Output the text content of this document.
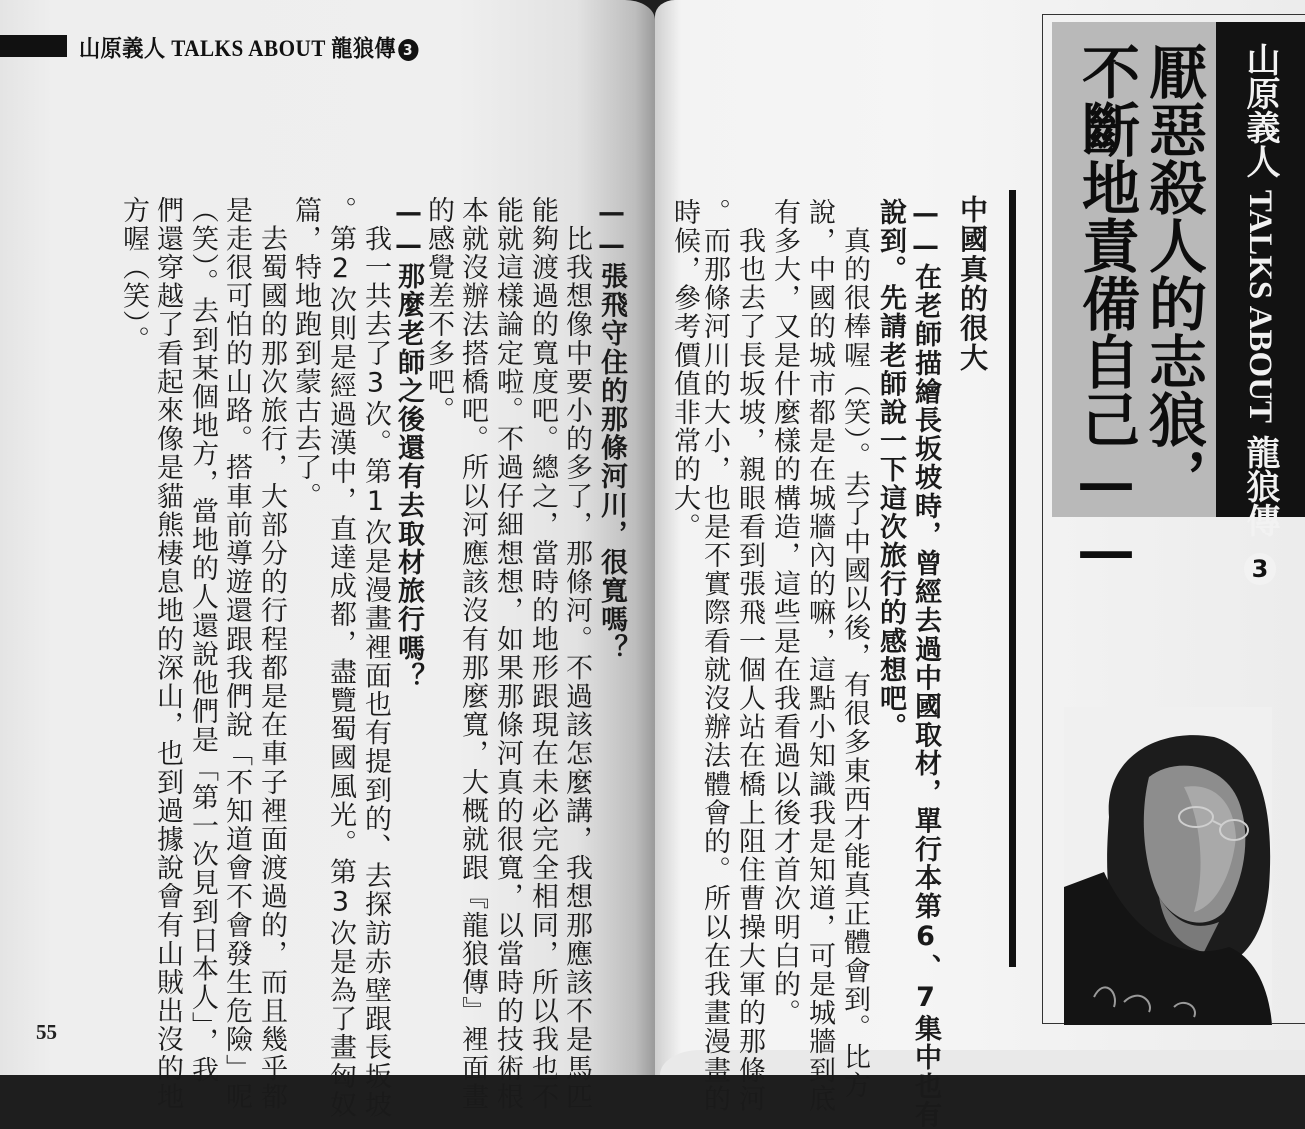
山原義人 TALKS ABOUT 龍狼傳 3
——張飛守住的那條河川，很寬嗎？
　比我想像中要小的多了，那條河。不過該怎麼講，我想那應該不是馬匹
能夠渡過的寬度吧。總之，當時的地形跟現在未必完全相同，所以我也不
能就這樣論定啦。不過仔細想想，如果那條河真的很寬，以當時的技術根
本就沒辦法搭橋吧。所以河應該沒有那麼寬，大概就跟『龍狼傳』裡面畫
的感覺差不多吧。
——那麼老師之後還有去取材旅行嗎？
　我一共去了3次。第1次是漫畫裡面也有提到的、去探訪赤壁跟長坂坡
。第2次則是經過漢中，直達成都，盡覽蜀國風光。第3次是為了畫匈奴
篇，特地跑到蒙古去了。
　去蜀國的那次旅行，大部分的行程都是在車子裡面渡過的，而且幾乎都
是走很可怕的山路。搭車前導遊還跟我們說「不知道會不會發生危險」呢
（笑）。去到某個地方，當地的人還說他們是「第一次見到日本人」，我
們還穿越了看起來像是貓熊棲息地的深山，也到過據說會有山賊出沒的地
方喔（笑）。
55
厭惡殺人的志狼，
不斷地責備自己——	山原義人 TALKS ABOUT 龍狼傳 3
中國真的很大
——在老師描繪長坂坡時，曾經去過中國取材，單行本第6、7集中也有
說到。先請老師說一下這次旅行的感想吧。
　真的很棒喔（笑）。去了中國以後，有很多東西才能真正體會到。比方
說，中國的城市都是在城牆內的嘛，這點小知識我是知道，可是城牆到底
有多大，又是什麼樣的構造，這些是在我看過以後才首次明白的。
　我也去了長坂坡，親眼看到張飛一個人站在橋上阻住曹操大軍的那條河
。而那條河川的大小，也是不實際看就沒辦法體會的。所以在我畫漫畫的
時候，參考價值非常的大。
